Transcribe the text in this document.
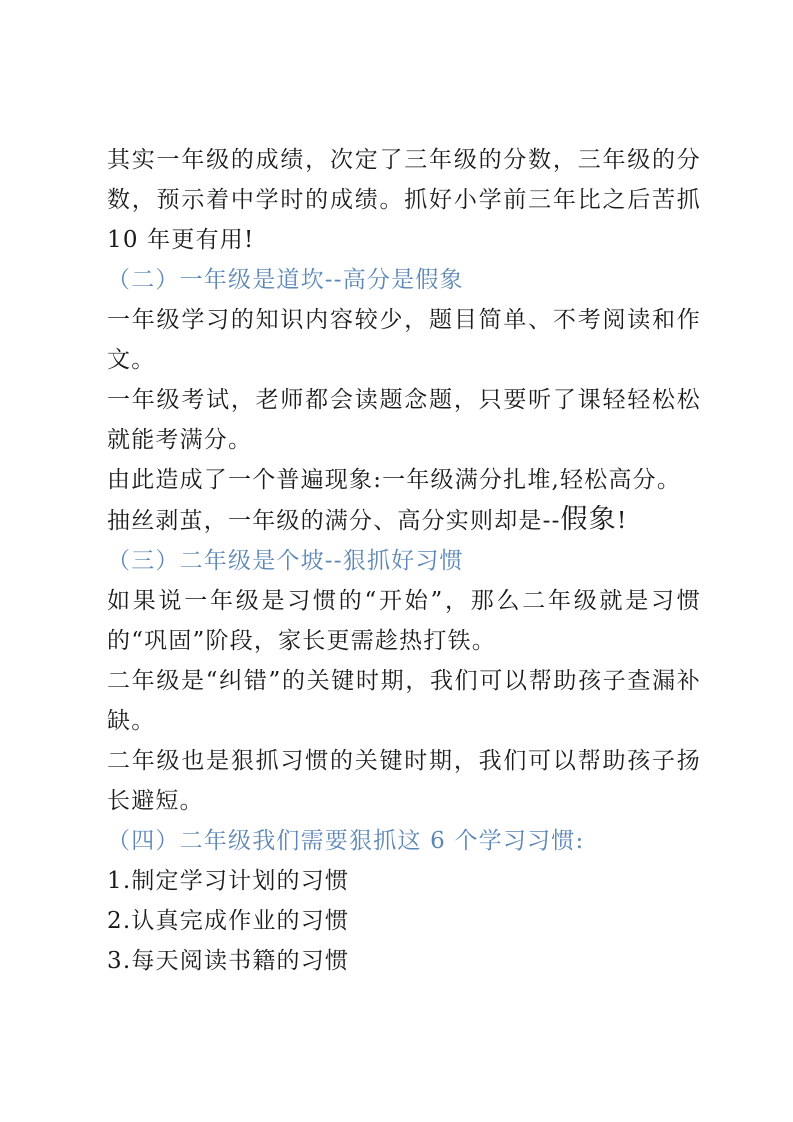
其实一年级的成绩，次定了三年级的分数，三年级的分数，预示着中学时的成绩。抓好小学前三年比之后苦抓10 年更有用!

（二）一年级是道坎--高分是假象

一年级学习的知识内容较少，题目简单、不考阅读和作文。

一年级考试，老师都会读题念题，只要听了课轻轻松松就能考满分。

由此造成了一个普遍现象:一年级满分扎堆,轻松高分。

抽丝剥茧，一年级的满分、高分实则却是--假象!

（三）二年级是个坡--狠抓好习惯

如果说一年级是习惯的“开始”，那么二年级就是习惯的“巩固”阶段，家长更需趁热打铁。

二年级是“纠错”的关键时期，我们可以帮助孩子查漏补缺。

二年级也是狠抓习惯的关键时期，我们可以帮助孩子扬长避短。

（四）二年级我们需要狠抓这 6 个学习习惯:

1.制定学习计划的习惯

2.认真完成作业的习惯

3.每天阅读书籍的习惯
